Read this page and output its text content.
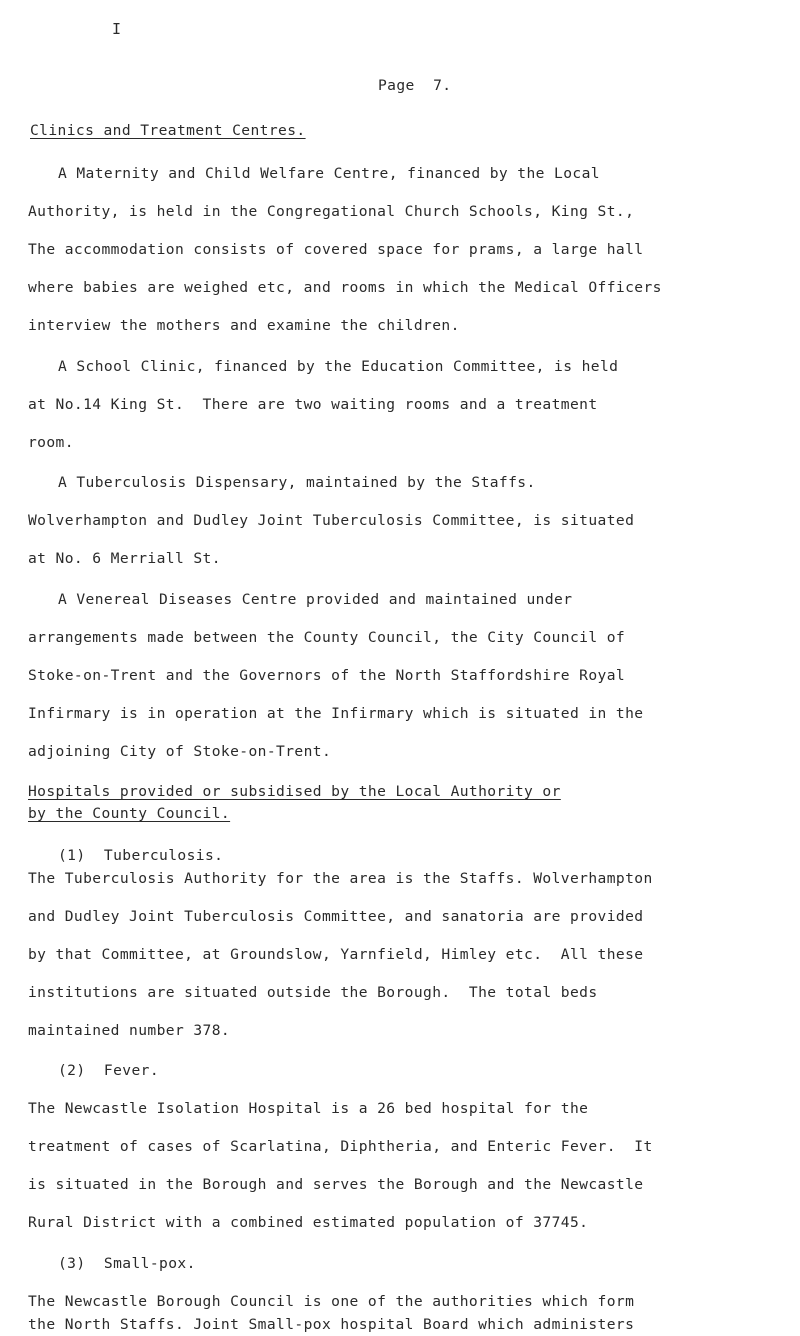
I
Page  7.
Clinics and Treatment Centres.
A Maternity and Child Welfare Centre, financed by the Local
Authority, is held in the Congregational Church Schools, King St.,
The accommodation consists of covered space for prams, a large hall
where babies are weighed etc, and rooms in which the Medical Officers
interview the mothers and examine the children.
A School Clinic, financed by the Education Committee, is held
at No.14 King St.  There are two waiting rooms and a treatment
room.
A Tuberculosis Dispensary, maintained by the Staffs.
Wolverhampton and Dudley Joint Tuberculosis Committee, is situated
at No. 6 Merriall St.
A Venereal Diseases Centre provided and maintained under
arrangements made between the County Council, the City Council of
Stoke-on-Trent and the Governors of the North Staffordshire Royal
Infirmary is in operation at the Infirmary which is situated in the
adjoining City of Stoke-on-Trent.
Hospitals provided or subsidised by the Local Authority or
by the County Council.
(1)  Tuberculosis.
The Tuberculosis Authority for the area is the Staffs. Wolverhampton
and Dudley Joint Tuberculosis Committee, and sanatoria are provided
by that Committee, at Groundslow, Yarnfield, Himley etc.  All these
institutions are situated outside the Borough.  The total beds
maintained number 378.
(2)  Fever.
The Newcastle Isolation Hospital is a 26 bed hospital for the
treatment of cases of Scarlatina, Diphtheria, and Enteric Fever.  It
is situated in the Borough and serves the Borough and the Newcastle
Rural District with a combined estimated population of 37745.
(3)  Small-pox.
The Newcastle Borough Council is one of the authorities which form
the North Staffs. Joint Small-pox hospital Board which administers
